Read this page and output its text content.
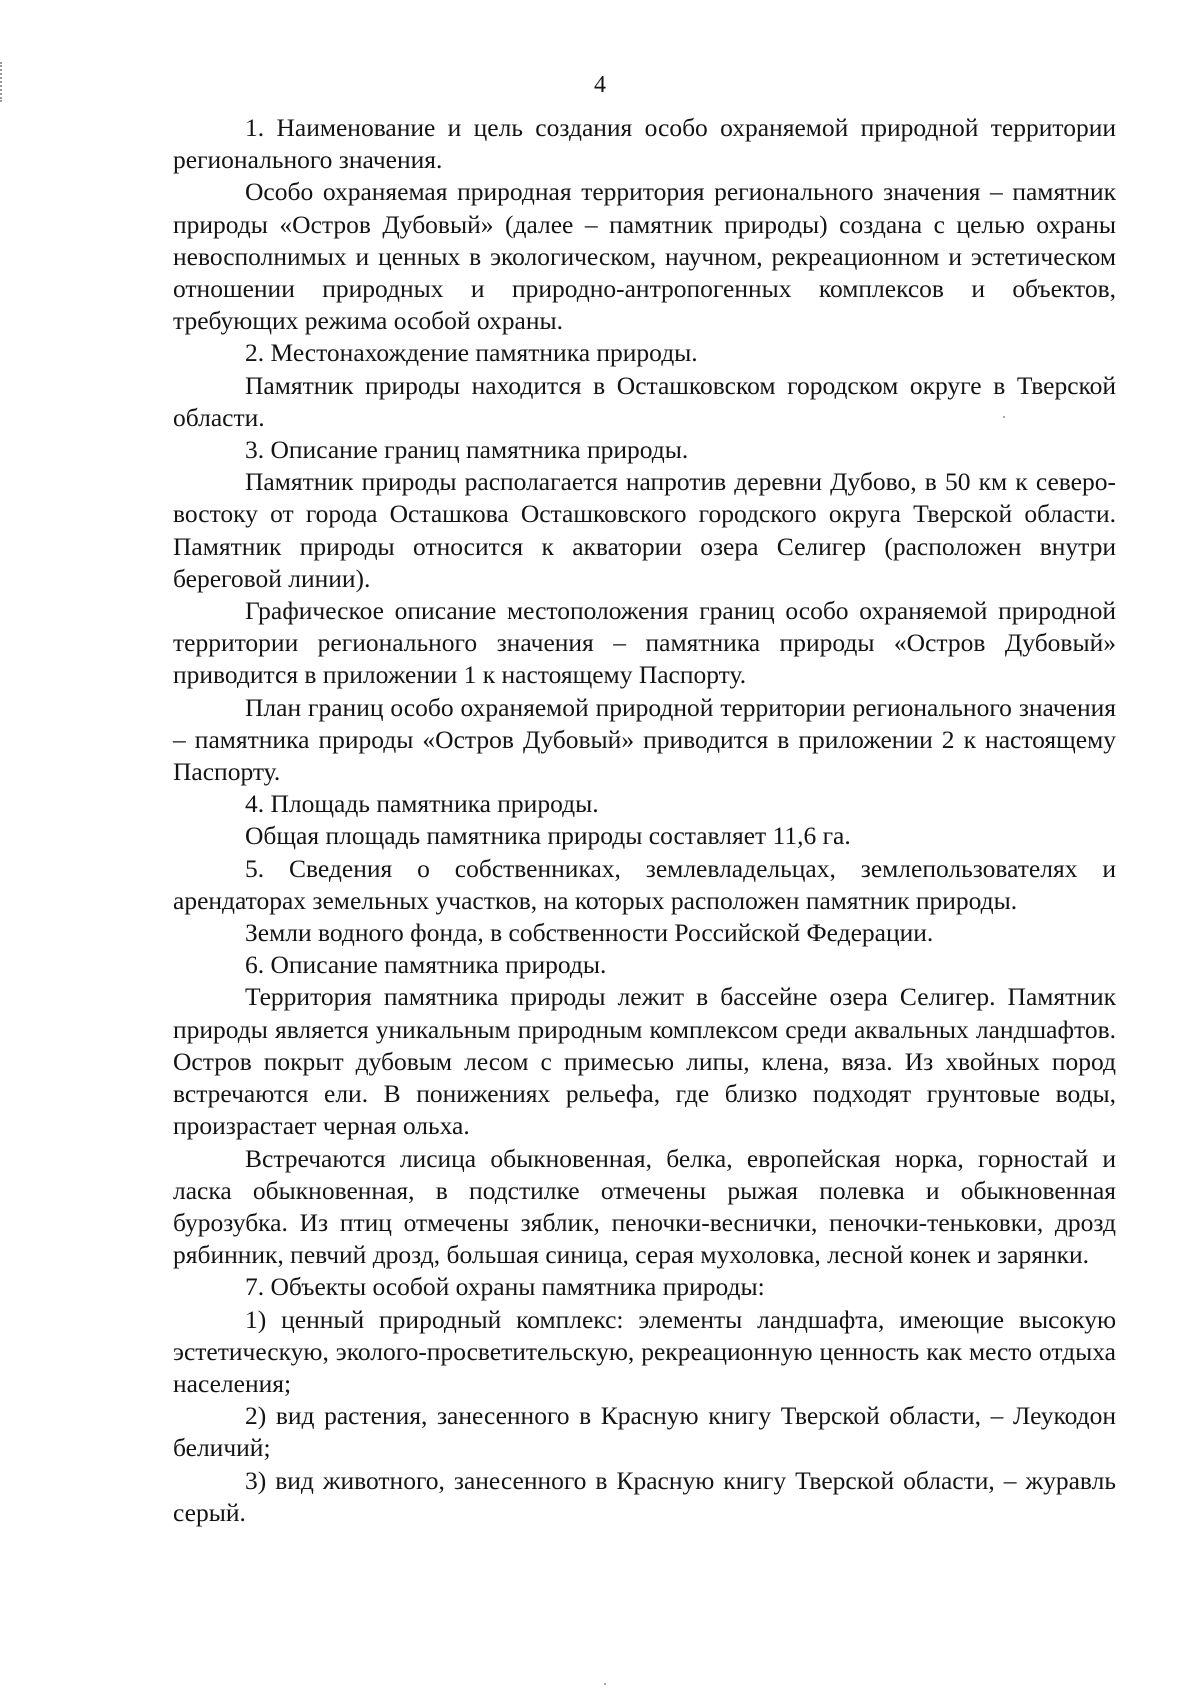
4

1. Наименование и цель создания особо охраняемой природной территории регионального значения.

Особо охраняемая природная территория регионального значения – памятник природы «Остров Дубовый» (далее – памятник природы) создана с целью охраны невосполнимых и ценных в экологическом, научном, рекреационном и эстетическом отношении природных и природно-антропогенных комплексов и объектов, требующих режима особой охраны.

2. Местонахождение памятника природы.

Памятник природы находится в Осташковском городском округе в Тверской области.

3. Описание границ памятника природы.

Памятник природы располагается напротив деревни Дубово, в 50 км к северо-востоку от города Осташкова Осташковского городского округа Тверской области. Памятник природы относится к акватории озера Селигер (расположен внутри береговой линии).

Графическое описание местоположения границ особо охраняемой природной территории регионального значения – памятника природы «Остров Дубовый» приводится в приложении 1 к настоящему Паспорту.

План границ особо охраняемой природной территории регионального значения – памятника природы «Остров Дубовый» приводится в приложении 2 к настоящему Паспорту.

4. Площадь памятника природы.

Общая площадь памятника природы составляет 11,6 га.

5. Сведения о собственниках, землевладельцах, землепользователях и арендаторах земельных участков, на которых расположен памятник природы.

Земли водного фонда, в собственности Российской Федерации.

6. Описание памятника природы.

Территория памятника природы лежит в бассейне озера Селигер. Памятник природы является уникальным природным комплексом среди аквальных ландшафтов. Остров покрыт дубовым лесом с примесью липы, клена, вяза. Из хвойных пород встречаются ели. В понижениях рельефа, где близко подходят грунтовые воды, произрастает черная ольха.

Встречаются лисица обыкновенная, белка, европейская норка, горностай и ласка обыкновенная, в подстилке отмечены рыжая полевка и обыкновенная бурозубка. Из птиц отмечены зяблик, пеночки-веснички, пеночки-теньковки, дрозд рябинник, певчий дрозд, большая синица, серая мухоловка, лесной конек и зарянки.

7. Объекты особой охраны памятника природы:

1) ценный природный комплекс: элементы ландшафта, имеющие высокую эстетическую, эколого-просветительскую, рекреационную ценность как место отдыха населения;

2) вид растения, занесенного в Красную книгу Тверской области, – Леукодон беличий;

3) вид животного, занесенного в Красную книгу Тверской области, – журавль серый.
